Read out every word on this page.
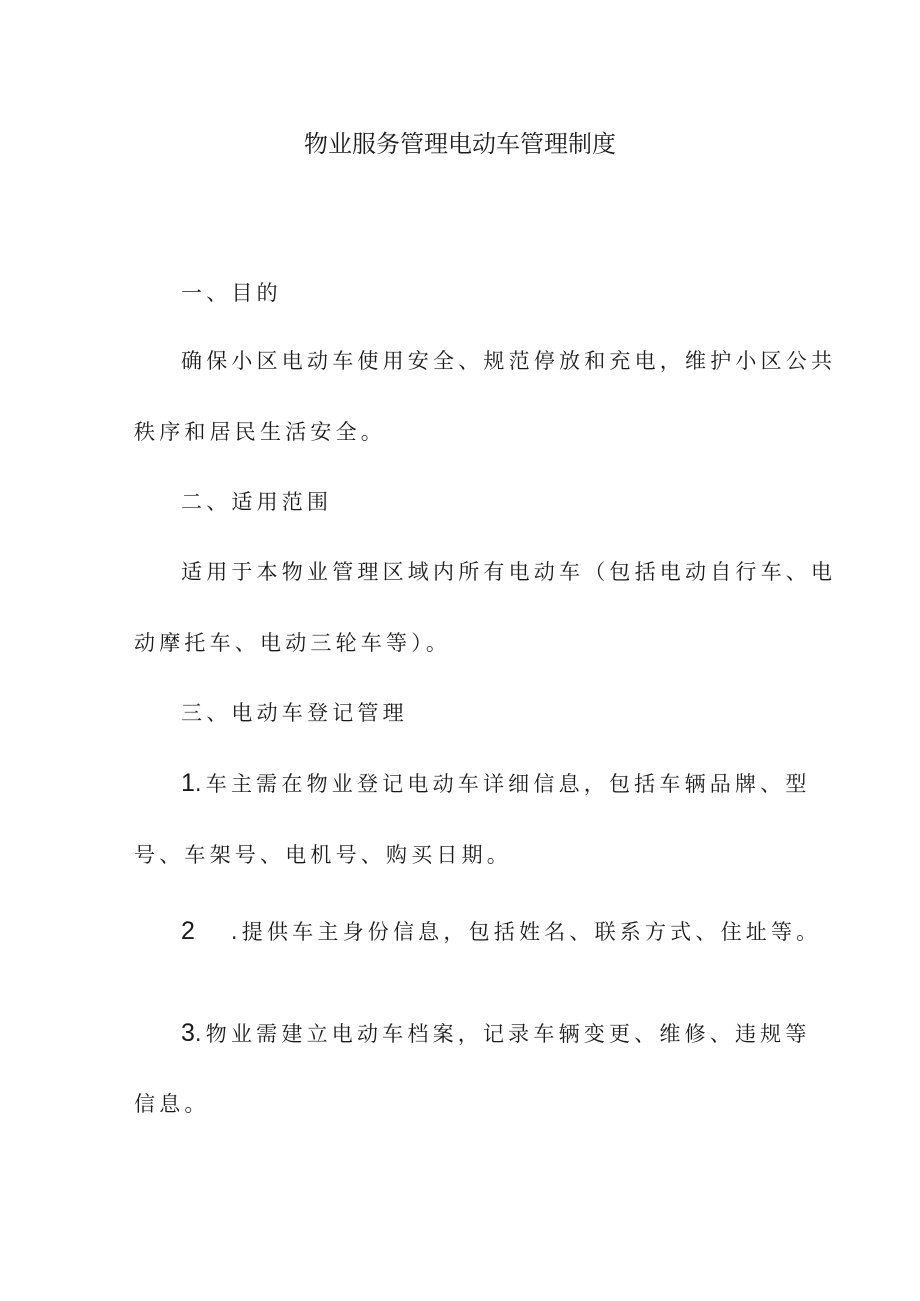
物业服务管理电动车管理制度

一、目的

确保小区电动车使用安全、规范停放和充电，维护小区公共

秩序和居民生活安全。

二、适用范围

适用于本物业管理区域内所有电动车（包括电动自行车、电

动摩托车、电动三轮车等）。

三、电动车登记管理

1.车主需在物业登记电动车详细信息，包括车辆品牌、型

号、车架号、电机号、购买日期。

2 .提供车主身份信息，包括姓名、联系方式、住址等。

3.物业需建立电动车档案，记录车辆变更、维修、违规等

信息。
